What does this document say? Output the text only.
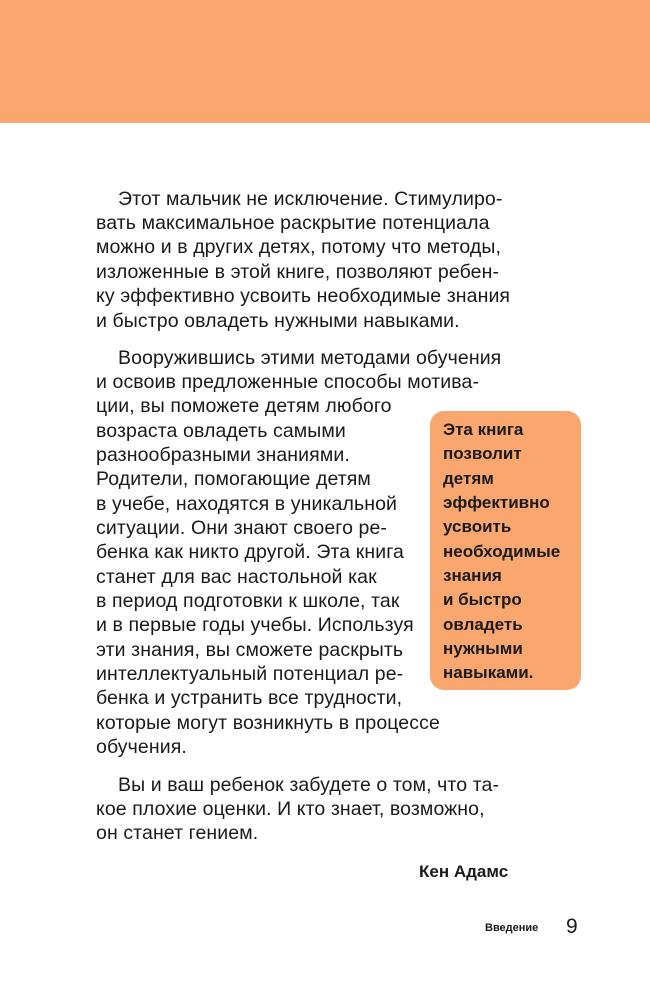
Этот мальчик не исключение. Стимулиро-
вать максимальное раскрытие потенциала
можно и в других детях, потому что методы,
изложенные в этой книге, позволяют ребен-
ку эффективно усвоить необходимые знания
и быстро овладеть нужными навыками.
Вооружившись этими методами обучения
и освоив предложенные способы мотива-
ции, вы поможете детям любого
возраста овладеть самыми
разнообразными знаниями.
Родители, помогающие детям
в учебе, находятся в уникальной
ситуации. Они знают своего ре-
бенка как никто другой. Эта книга
станет для вас настольной как
в период подготовки к школе, так
и в первые годы учебы. Используя
эти знания, вы сможете раскрыть
интеллектуальный потенциал ре-
бенка и устранить все трудности,
которые могут возникнуть в процессе
обучения.
Вы и ваш ребенок забудете о том, что та-
кое плохие оценки. И кто знает, возможно,
он станет гением.
Эта книга
позволит
детям
эффективно
усвоить
необходимые
знания
и быстро
овладеть
нужными
навыками.
Кен Адамс
Введение 9
